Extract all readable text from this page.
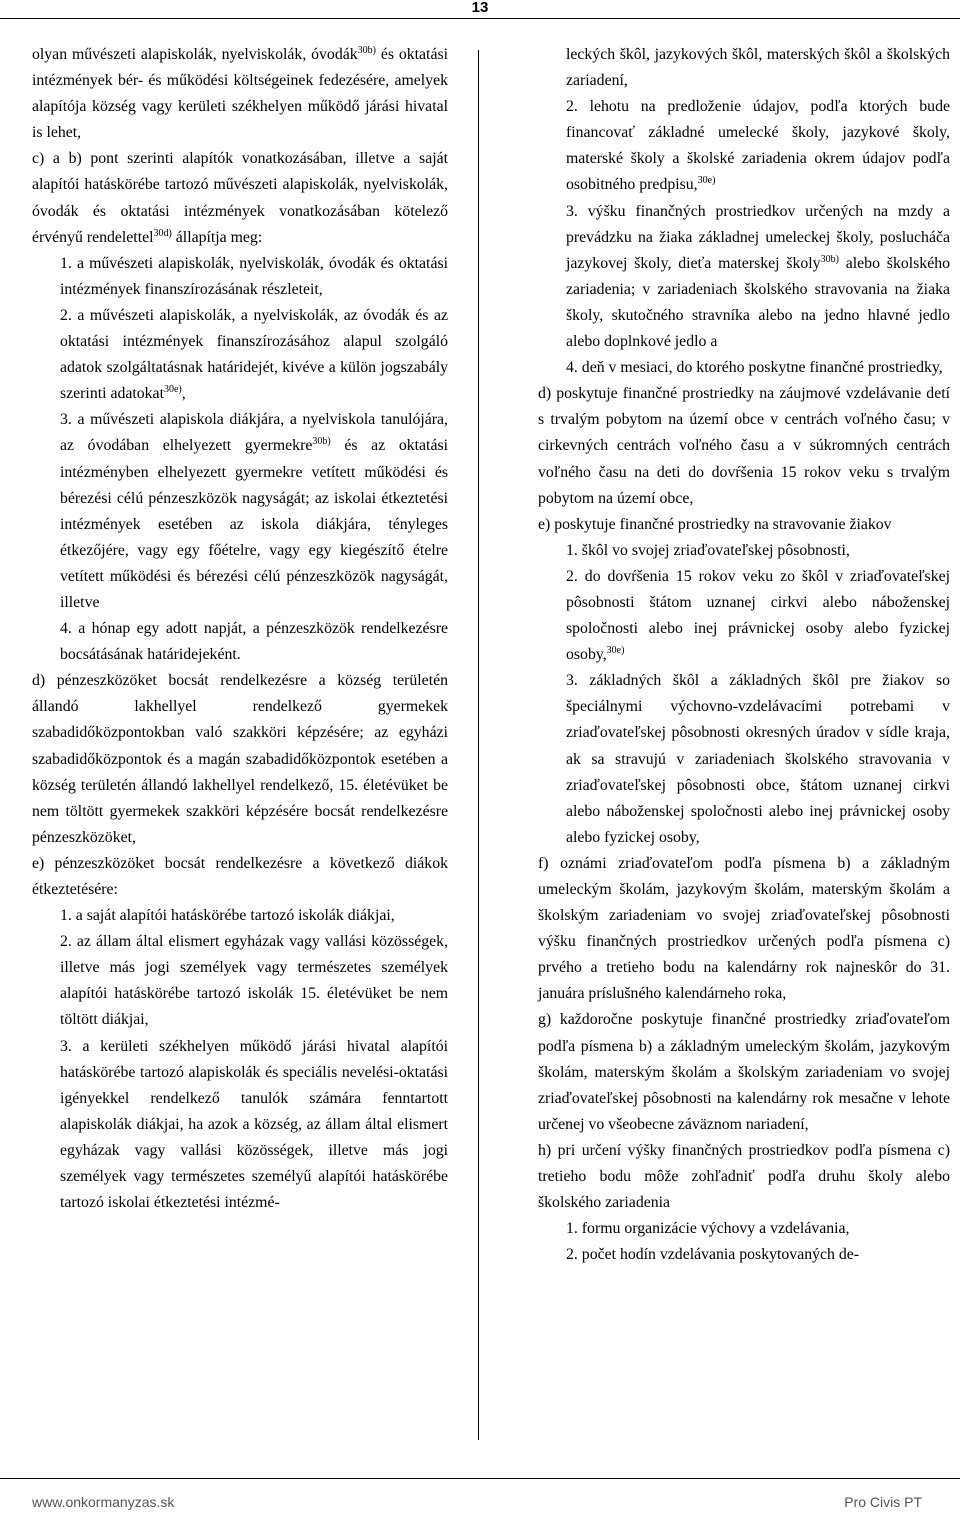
13

olyan művészeti alapiskolák, nyelviskolák, óvodák$^{30b)}$ és oktatási intézmények bér- és működési költségeinek fedezésére, amelyek alapítója község vagy kerületi székhelyen működő járási hivatal is lehet,

c) a b) pont szerinti alapítók vonatkozásában, illetve a saját alapítói hatáskörébe tartozó művészeti alapiskolák, nyelviskolák, óvodák és oktatási intézmények vonatkozásában kötelező érvényű rendelettel$^{30d)}$ állapítja meg:

1. a művészeti alapiskolák, nyelviskolák, óvodák és oktatási intézmények finanszírozásának részleteit,

2. a művészeti alapiskolák, a nyelviskolák, az óvodák és az oktatási intézmények finanszírozásához alapul szolgáló adatok szolgáltatásnak határidejét, kivéve a külön jogszabály szerinti adatokat$^{30e)}$,

3. a művészeti alapiskola diákjára, a nyelviskola tanulójára, az óvodában elhelyezett gyermekre$^{30b)}$ és az oktatási intézményben elhelyezett gyermekre vetített működési és bérezési célú pénzeszközök nagyságát; az iskolai étkeztetési intézmények esetében az iskola diákjára, tényleges étkezőjére, vagy egy főételre, vagy egy kiegészítő ételre vetített működési és bérezési célú pénzeszközök nagyságát, illetve

4. a hónap egy adott napját, a pénzeszközök rendelkezésre bocsátásának határidejeként.

d) pénzeszközöket bocsát rendelkezésre a község területén állandó lakhellyel rendelkező gyermekek szabadidőközpontokban való szakköri képzésére; az egyházi szabadidőközpontok és a magán szabadidőközpontok esetében a község területén állandó lakhellyel rendelkező, 15. életévüket be nem töltött gyermekek szakköri képzésére bocsát rendelkezésre pénzeszközöket,

e) pénzeszközöket bocsát rendelkezésre a következő diákok étkeztetésére:

1. a saját alapítói hatáskörébe tartozó iskolák diákjai,

2. az állam által elismert egyházak vagy vallási közösségek, illetve más jogi személyek vagy természetes személyek alapítói hatáskörébe tartozó iskolák 15. életévüket be nem töltött diákjai,

3. a kerületi székhelyen működő járási hivatal alapítói hatáskörébe tartozó alapiskolák és speciális nevelési-oktatási igényekkel rendelkező tanulók számára fenntartott alapiskolák diákjai, ha azok a község, az állam által elismert egyházak vagy vallási közösségek, illetve más jogi személyek vagy természetes személyű alapítói hatáskörébe tartozó iskolai étkeztetési intézmé-

leckých škôl, jazykových škôl, materských škôl a školských zariadení,

2. lehotu na predloženie údajov, podľa ktorých bude financovať základné umelecké školy, jazykové školy, materské školy a školské zariadenia okrem údajov podľa osobitného predpisu,$^{30e)}$

3. výšku finančných prostriedkov určených na mzdy a prevádzku na žiaka základnej umeleckej školy, poslucháča jazykovej školy, dieťa materskej školy$^{30b)}$ alebo školského zariadenia; v zariadeniach školského stravovania na žiaka školy, skutočného stravníka alebo na jedno hlavné jedlo alebo doplnkové jedlo a

4. deň v mesiaci, do ktorého poskytne finančné prostriedky,

d) poskytuje finančné prostriedky na záujmové vzdelávanie detí s trvalým pobytom na území obce v centrách voľného času; v cirkevných centrách voľného času a v súkromných centrách voľného času na deti do dovŕšenia 15 rokov veku s trvalým pobytom na území obce,

e) poskytuje finančné prostriedky na stravovanie žiakov

1. škôl vo svojej zriaďovateľskej pôsobnosti,

2. do dovŕšenia 15 rokov veku zo škôl v zriaďovateľskej pôsobnosti štátom uznanej cirkvi alebo náboženskej spoločnosti alebo inej právnickej osoby alebo fyzickej osoby,$^{30e)}$

3. základných škôl a základných škôl pre žiakov so špeciálnymi výchovno-vzdelávacími potrebami v zriaďovateľskej pôsobnosti okresných úradov v sídle kraja, ak sa stravujú v zariadeniach školského stravovania v zriaďovateľskej pôsobnosti obce, štátom uznanej cirkvi alebo náboženskej spoločnosti alebo inej právnickej osoby alebo fyzickej osoby,

f) oznámi zriaďovateľom podľa písmena b) a základným umeleckým školám, jazykovým školám, materským školám a školským zariadeniam vo svojej zriaďovateľskej pôsobnosti výšku finančných prostriedkov určených podľa písmena c) prvého a tretieho bodu na kalendárny rok najneskôr do 31. januára príslušného kalendárneho roka,

g) každoročne poskytuje finančné prostriedky zriaďovateľom podľa písmena b) a základným umeleckým školám, jazykovým školám, materským školám a školským zariadeniam vo svojej zriaďovateľskej pôsobnosti na kalendárny rok mesačne v lehote určenej vo všeobecne záväznom nariadení,

h) pri určení výšky finančných prostriedkov podľa písmena c) tretieho bodu môže zohľadniť podľa druhu školy alebo školského zariadenia

1. formu organizácie výchovy a vzdelávania,

2. počet hodín vzdelávania poskytovaných de-

www.onkormanyzas.sk	Pro Civis PT
